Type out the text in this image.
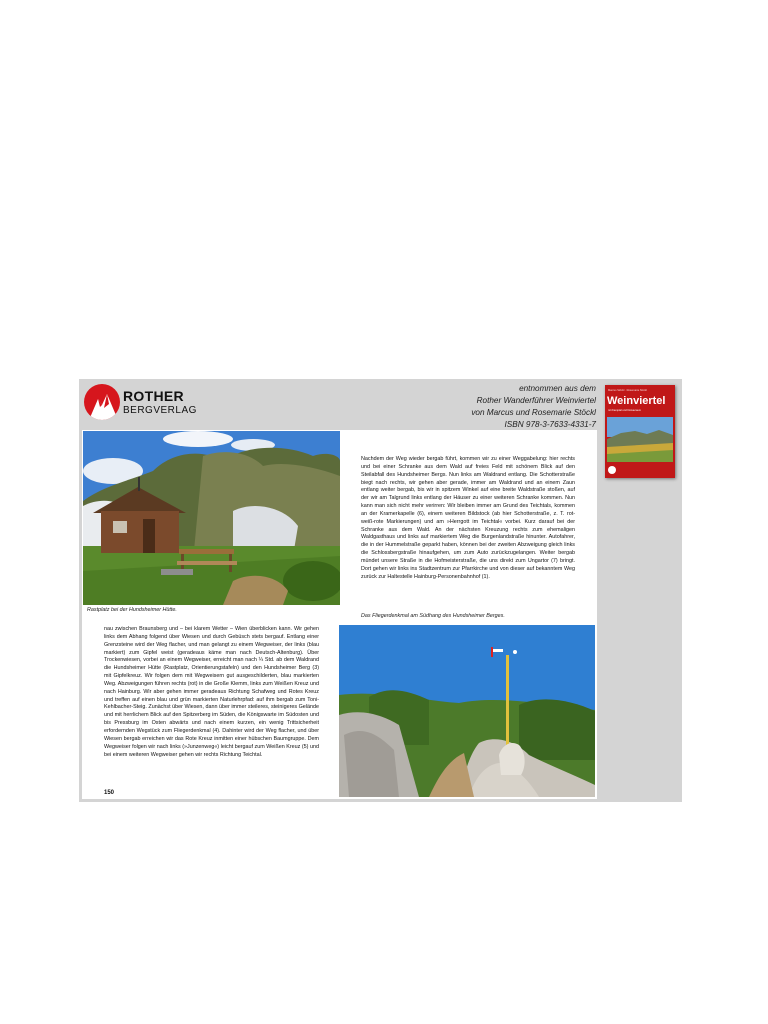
ROTHER
BERGVERLAG
entnommen aus dem
Rother Wanderführer Weinviertel
von Marcus und Rosemarie Stöckl
ISBN 978-3-7633-4331-7
Marcus Stöckl · Rosemarie Stöckl
Weinviertel
mit Kamptal und Donauraum
Rastplatz bei der Hundsheimer Hütte.
Nachdem der Weg wieder bergab führt, kommen wir zu einer Weggabelung: hier rechts und bei einer Schranke aus dem Wald auf freies Feld mit schönem Blick auf den Steilabfall des Hundsheimer Bergs. Nun links am Waldrand entlang. Die Schotterstraße biegt nach rechts, wir gehen aber gerade, immer am Waldrand und an einem Zaun entlang weiter bergab, bis wir in spitzem Winkel auf eine breite Waldstraße stoßen, auf der wir am Talgrund links entlang der Häuser zu einer weiteren Schranke kommen. Nun kann man sich nicht mehr verirren: Wir bleiben immer am Grund des Teichtals, kommen an der Kramerkapelle (6), einem weiteren Bildstock (ab hier Schotterstraße, z. T. rot-weiß-rote Markierungen) und am »Herrgott im Teichtal« vorbei. Kurz darauf bei der Schranke aus dem Wald. An der nächsten Kreuzung rechts zum ehemaligen Waldgasthaus und links auf markiertem Weg die Burgenlandstraße hinunter. Autofahrer, die in der Hummelstraße geparkt haben, können bei der zweiten Abzweigung gleich links die Schlossbergstraße hinaufgehen, um zum Auto zurückzugelangen. Weiter bergab mündet unsere Straße in die Hofmeisterstraße, die uns direkt zum Ungartor (7) bringt. Dort gehen wir links ins Stadtzentrum zur Pfarrkirche und von dieser auf bekanntem Weg zurück zur Haltestelle Hainburg-Personenbahnhof (1).
Das Fliegerdenkmal am Südhang des Hundsheimer Berges.
nau zwischen Braunsberg und – bei klarem Wetter – Wien überblicken kann. Wir gehen links dem Abhang folgend über Wiesen und durch Gebüsch stets bergauf. Entlang einer Grenzsteine wird der Weg flacher, und man gelangt zu einem Wegweiser, der links (blau markiert) zum Gipfel weist (geradeaus käme man nach Deutsch-Altenburg). Über Trockenwiesen, vorbei an einem Wegweiser, erreicht man nach ¼ Std. ab dem Waldrand die Hundsheimer Hütte (Rastplatz, Orientierungstafeln) und den Hundsheimer Berg (3) mit Gipfelkreuz. Wir folgen dem mit Wegweisern gut ausgeschilderten, blau markierten Weg. Abzweigungen führen rechts (rot) in die Große Klemm, links zum Weißen Kreuz und nach Hainburg. Wir aber gehen immer geradeaus Richtung Schafweg und Rotes Kreuz und treffen auf einen blau und grün markierten Naturlehrpfad: auf ihm bergab zum Toni-Kehlbacher-Steig. Zunächst über Wiesen, dann über immer steileres, steinigeres Gelände und mit herrlichem Blick auf den Spitzerberg im Süden, die Königswarte im Südosten und bis Pressburg im Osten abwärts und nach einem kurzen, ein wenig Trittsicherheit erfordernden Wegstück zum Fliegerdenkmal (4). Dahinter wird der Weg flacher, und über Wiesen bergab erreichen wir das Rote Kreuz inmitten einer hübschen Baumgruppe. Dem Wegweiser folgen wir nach links (»Junzenweg«) leicht bergauf zum Weißen Kreuz (5) und bei einem weiteren Wegweiser gehen wir rechts Richtung Teichtal.
150
